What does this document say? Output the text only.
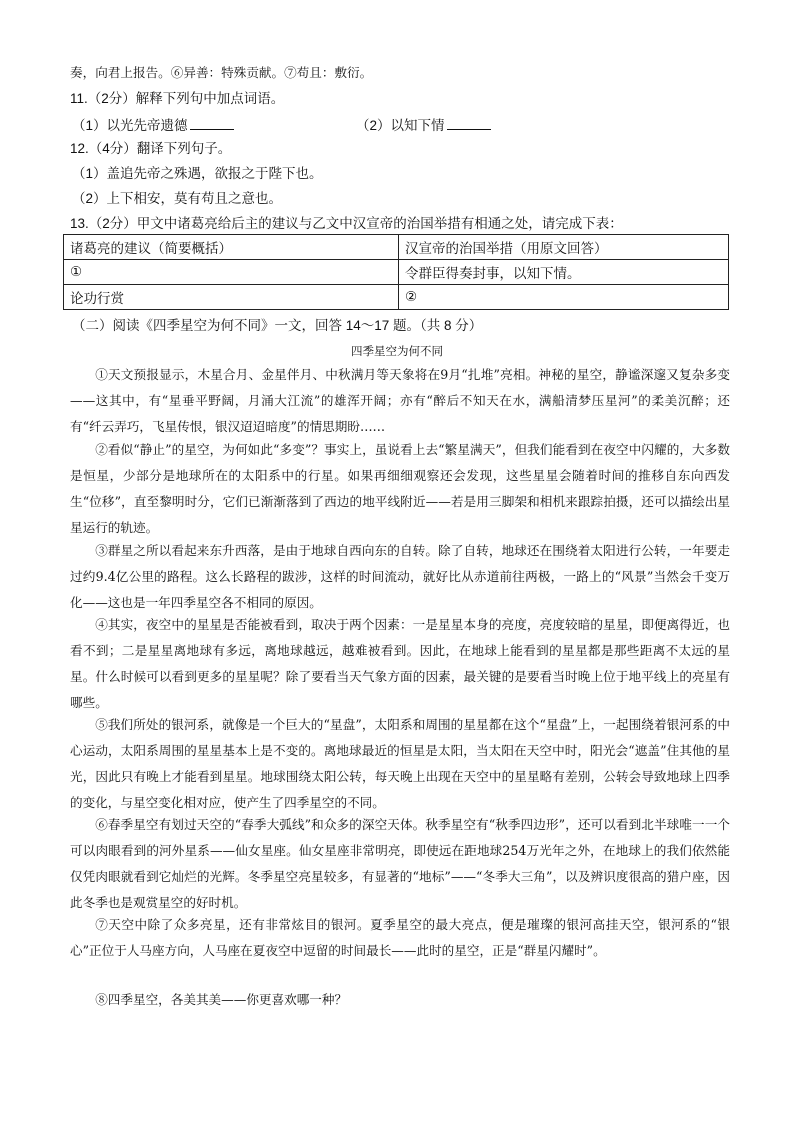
奏，向君上报告。⑥异善：特殊贡献。⑦苟且：敷衍。
11.（2分）解释下列句中加点词语。
（1）以光先帝遗德	（2）以知下情
12.（4分）翻译下列句子。
（1）盖追先帝之殊遇，欲报之于陛下也。
（2）上下相安，莫有苟且之意也。
13.（2分）甲文中诸葛亮给后主的建议与乙文中汉宣帝的治国举措有相通之处，请完成下表：
诸葛亮的建议（简要概括）	汉宣帝的治国举措（用原文回答）
①	令群臣得奏封事，以知下情。
论功行赏	②
（二）阅读《四季星空为何不同》一文，回答 14～17 题。（共 8 分）
四季星空为何不同

①天文预报显示，木星合月、金星伴月、中秋满月等天象将在9月“扎堆”亮相。神秘的星空，静谧深邃又复杂多变——这其中，有“星垂平野阔，月涌大江流”的雄浑开阔；亦有“醉后不知天在水，满船清梦压星河”的柔美沉醉；还有“纤云弄巧，飞星传恨，银汉迢迢暗度”的情思期盼……

②看似“静止”的星空，为何如此“多变”？事实上，虽说看上去“繁星满天”，但我们能看到在夜空中闪耀的，大多数是恒星，少部分是地球所在的太阳系中的行星。如果再细细观察还会发现，这些星星会随着时间的推移自东向西发生“位移”，直至黎明时分，它们已渐渐落到了西边的地平线附近——若是用三脚架和相机来跟踪拍摄，还可以描绘出星星运行的轨迹。

③群星之所以看起来东升西落，是由于地球自西向东的自转。除了自转，地球还在围绕着太阳进行公转，一年要走过约9.4亿公里的路程。这么长路程的跋涉，这样的时间流动，就好比从赤道前往两极，一路上的“风景”当然会千变万化——这也是一年四季星空各不相同的原因。

④其实，夜空中的星星是否能被看到，取决于两个因素：一是星星本身的亮度，亮度较暗的星星，即便离得近，也看不到；二是星星离地球有多远，离地球越远，越难被看到。因此，在地球上能看到的星星都是那些距离不太远的星星。什么时候可以看到更多的星星呢？除了要看当天气象方面的因素，最关键的是要看当时晚上位于地平线上的亮星有哪些。

⑤我们所处的银河系，就像是一个巨大的“星盘”，太阳系和周围的星星都在这个“星盘”上，一起围绕着银河系的中心运动，太阳系周围的星星基本上是不变的。离地球最近的恒星是太阳，当太阳在天空中时，阳光会“遮盖”住其他的星光，因此只有晚上才能看到星星。地球围绕太阳公转，每天晚上出现在天空中的星星略有差别，公转会导致地球上四季的变化，与星空变化相对应，使产生了四季星空的不同。

⑥春季星空有划过天空的“春季大弧线”和众多的深空天体。秋季星空有“秋季四边形”，还可以看到北半球唯一一个可以肉眼看到的河外星系——仙女星座。仙女星座非常明亮，即使远在距地球254万光年之外，在地球上的我们依然能仅凭肉眼就看到它灿烂的光辉。冬季星空亮星较多，有显著的“地标”——“冬季大三角”，以及辨识度很高的猎户座，因此冬季也是观赏星空的好时机。

⑦天空中除了众多亮星，还有非常炫目的银河。夏季星空的最大亮点，便是璀璨的银河高挂天空，银河系的“银心”正位于人马座方向，人马座在夏夜空中逗留的时间最长——此时的星空，正是“群星闪耀时”。

⑧四季星空，各美其美——你更喜欢哪一种？
